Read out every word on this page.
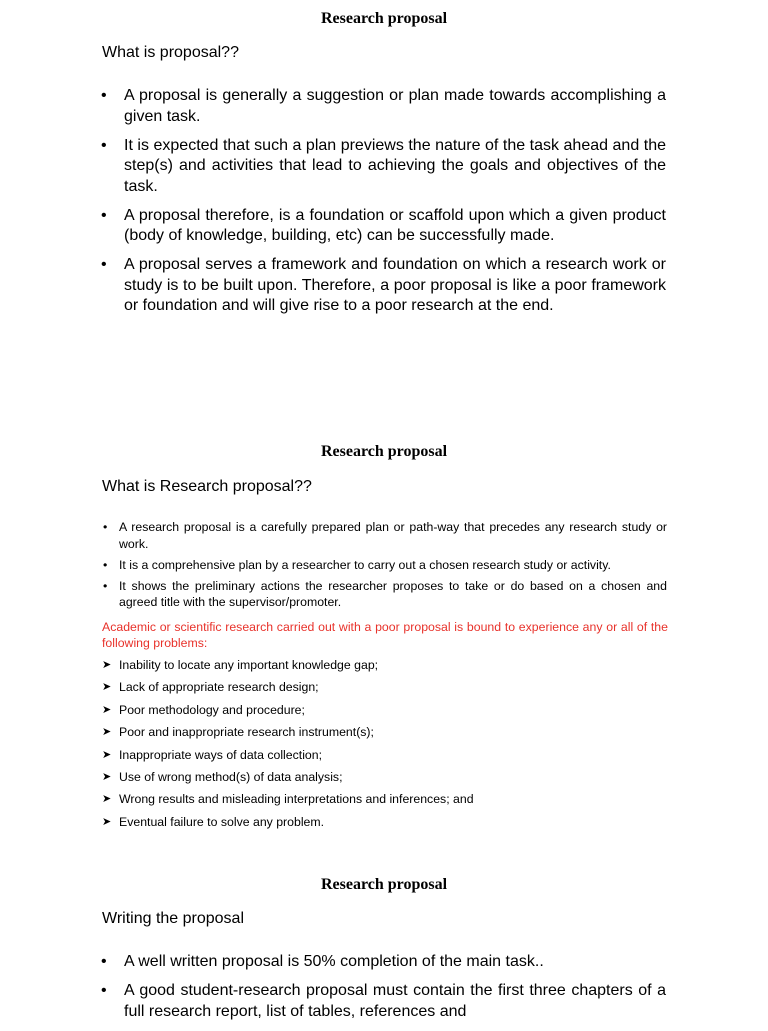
Research proposal

What is proposal??

• A proposal is generally a suggestion or plan made towards accomplishing a given task.
• It is expected that such a plan previews the nature of the task ahead and the step(s) and activities that lead to achieving the goals and objectives of the task.
• A proposal therefore, is a foundation or scaffold upon which a given product (body of knowledge, building, etc) can be successfully made.
• A proposal serves a framework and foundation on which a research work or study is to be built upon. Therefore, a poor proposal is like a poor framework or foundation and will give rise to a poor research at the end.
Research proposal

What is Research proposal??

• A research proposal is a carefully prepared plan or path-way that precedes any research study or work.
• It is a comprehensive plan by a researcher to carry out a chosen research study or activity.
• It shows the preliminary actions the researcher proposes to take or do based on a chosen and agreed title with the supervisor/promoter.

Academic or scientific research carried out with a poor proposal is bound to experience any or all of the following problems:

➤ Inability to locate any important knowledge gap;
➤ Lack of appropriate research design;
➤ Poor methodology and procedure;
➤ Poor and inappropriate research instrument(s);
➤ Inappropriate ways of data collection;
➤ Use of wrong method(s) of data analysis;
➤ Wrong results and misleading interpretations and inferences; and
➤ Eventual failure to solve any problem.
Research proposal

Writing the proposal

• A well written proposal is 50% completion of the main task..
• A good student-research proposal must contain the first three chapters of a full research report, list of tables, references and
